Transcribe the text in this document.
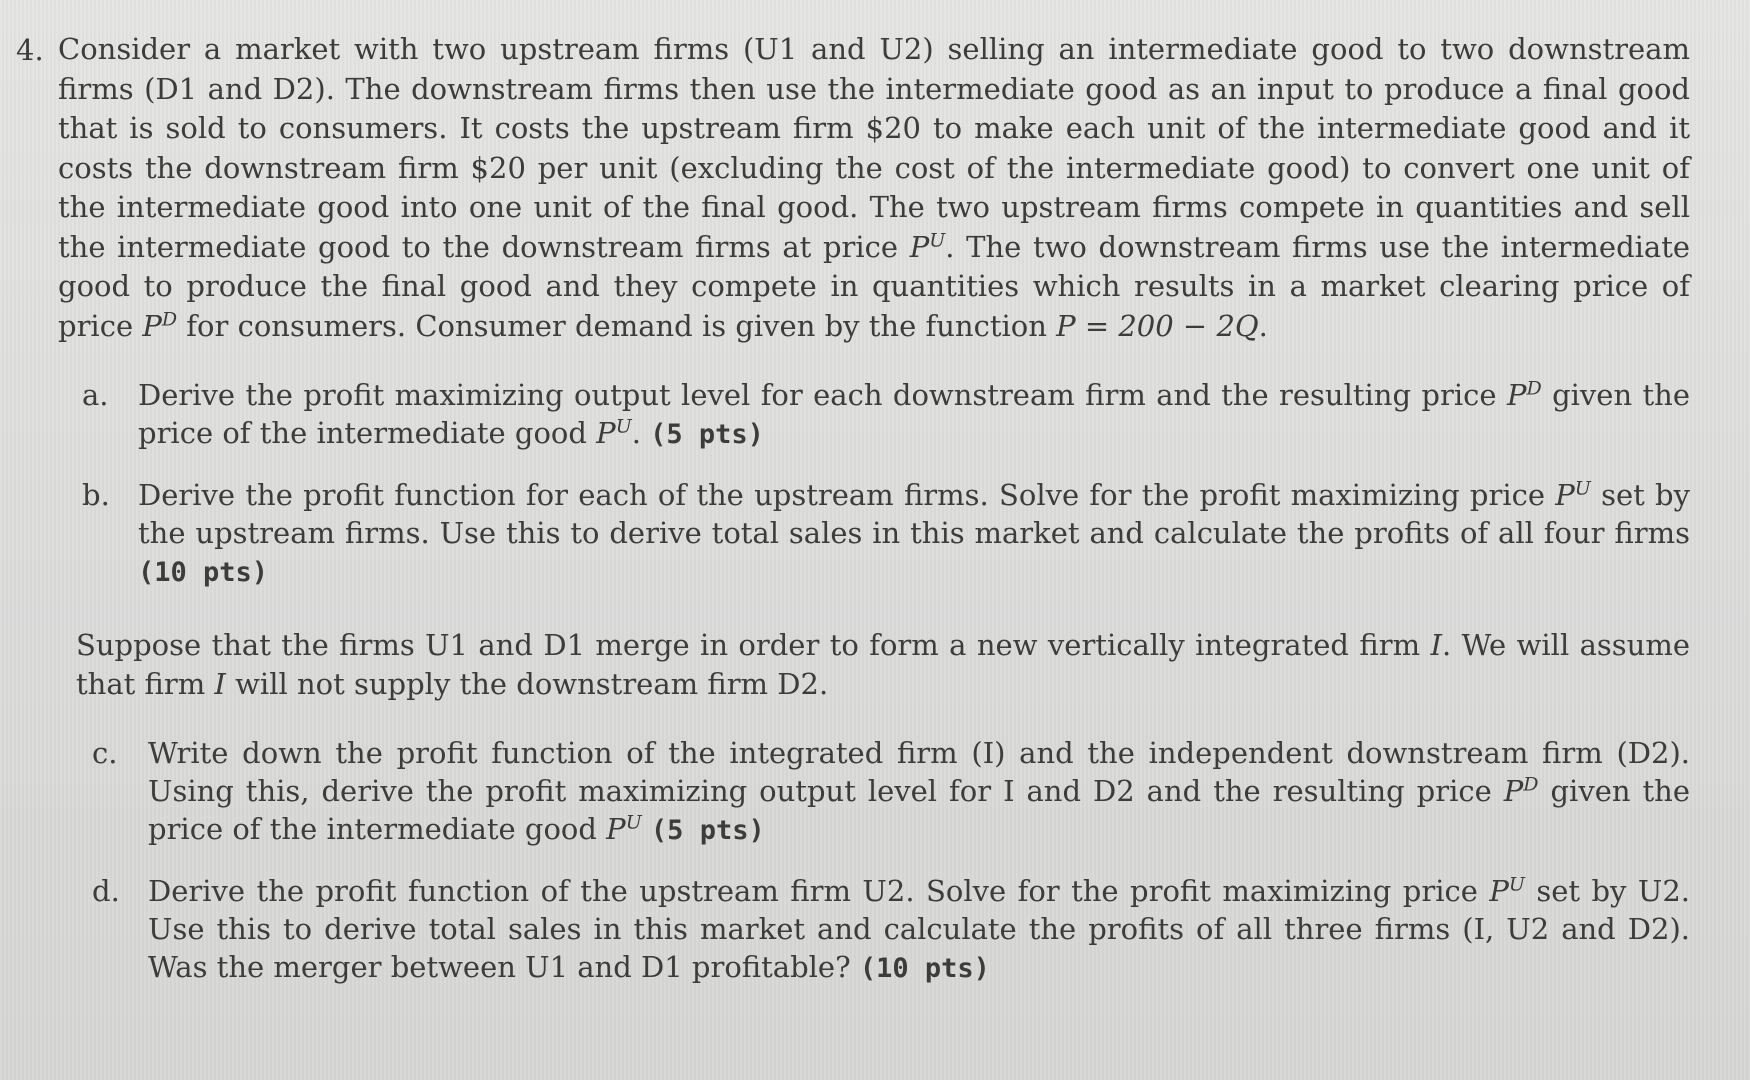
4. Consider a market with two upstream firms (U1 and U2) selling an intermediate good to two downstream firms (D1 and D2). The downstream firms then use the intermediate good as an input to produce a final good that is sold to consumers. It costs the upstream firm $20 to make each unit of the intermediate good and it costs the downstream firm $20 per unit (excluding the cost of the intermediate good) to convert one unit of the intermediate good into one unit of the final good. The two upstream firms compete in quantities and sell the intermediate good to the downstream firms at price $P^U$. The two downstream firms use the intermediate good to produce the final good and they compete in quantities which results in a market clearing price of price $P^D$ for consumers. Consumer demand is given by the function P = 200 − 2Q.
a.	Derive the profit maximizing output level for each downstream firm and the resulting price $P^D$ given the price of the intermediate good $P^U$. (5 pts)
b. Derive the profit function for each of the upstream firms. Solve for the profit maximizing price $P^U$ set by the upstream firms. Use this to derive total sales in this market and calculate the profits of all four firms (10 pts)
Suppose that the firms U1 and D1 merge in order to form a new vertically integrated firm I. We will assume that firm I will not supply the downstream firm D2.
c.	Write down the profit function of the integrated firm (I) and the independent downstream firm (D2). Using this, derive the profit maximizing output level for I and D2 and the resulting price $P^D$ given the price of the intermediate good $P^U$ (5 pts)
d. Derive the profit function of the upstream firm U2. Solve for the profit maximizing price $P^U$ set by U2. Use this to derive total sales in this market and calculate the profits of all three firms (I, U2 and D2). Was the merger between U1 and D1 profitable? (10 pts)
